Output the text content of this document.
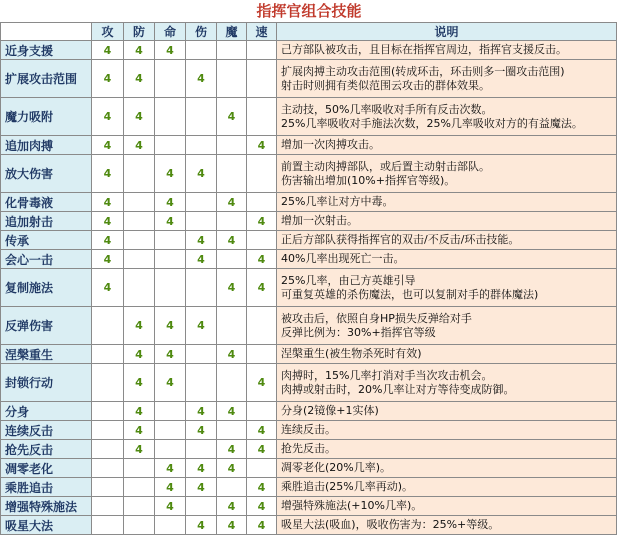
指挥官组合技能
	攻	防	命	伤	魔	速	说明
近身支援	4	4	4				己方部队被攻击，且目标在指挥官周边，指挥官支援反击。
扩展攻击范围	4	4		4			扩展肉搏主动攻击范围(转成环击，环击则多一圈攻击范围)
射击时则拥有类似范围云攻击的群体效果。
魔力吸附	4	4			4		主动技，50%几率吸收对手所有反击次数。
25%几率吸收对手施法次数，25%几率吸收对方的有益魔法。
追加肉搏	4	4				4	增加一次肉搏攻击。
放大伤害	4		4	4			前置主动肉搏部队，或后置主动射击部队。
伤害输出增加(10%+指挥官等级)。
化骨毒液	4		4		4		25%几率让对方中毒。
追加射击	4		4			4	增加一次射击。
传承	4			4	4		正后方部队获得指挥官的双击/不反击/环击技能。
会心一击	4			4		4	40%几率出现死亡一击。
复制施法	4				4	4	25%几率，由己方英雄引导
可重复英雄的杀伤魔法，也可以复制对手的群体魔法)
反弹伤害		4	4	4			被攻击后，依照自身HP损失反弹给对手
反弹比例为：30%+指挥官等级
涅槃重生		4	4		4		涅槃重生(被生物杀死时有效)
封锁行动		4	4			4	肉搏时，15%几率打消对手当次攻击机会。
肉搏或射击时，20%几率让对方等待变成防御。
分身		4		4	4		分身(2镜像+1实体)
连续反击		4		4		4	连续反击。
抢先反击		4			4	4	抢先反击。
凋零老化			4	4	4		凋零老化(20%几率)。
乘胜追击			4	4		4	乘胜追击(25%几率再动)。
增强特殊施法			4		4	4	增强特殊施法(+10%几率)。
吸星大法				4	4	4	吸星大法(吸血)，吸收伤害为：25%+等级。
